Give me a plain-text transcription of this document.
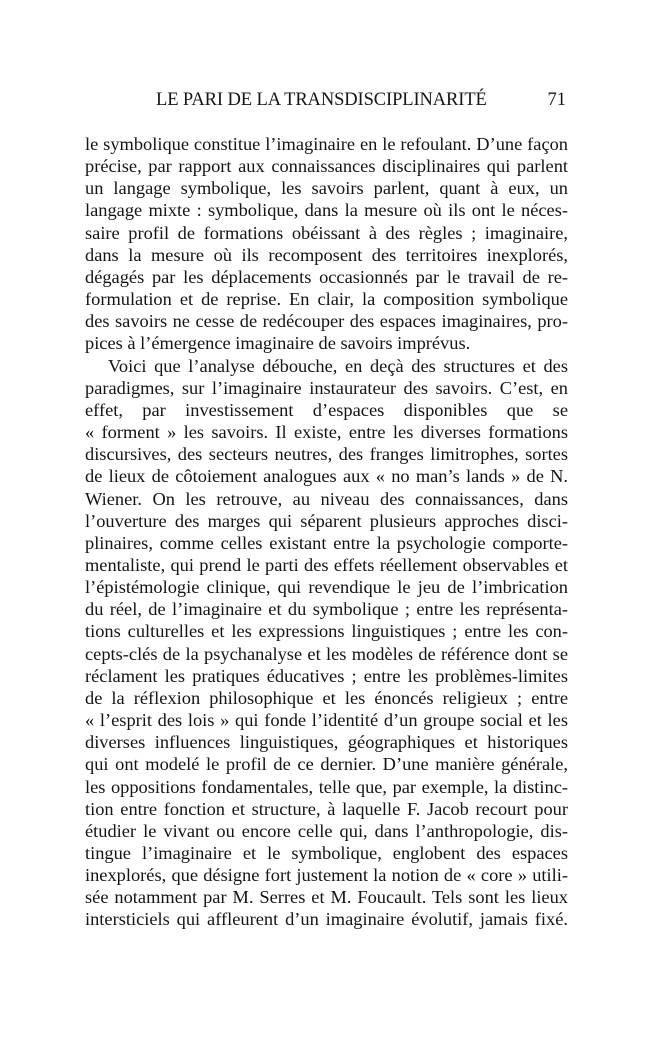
LE PARI DE LA TRANSDISCIPLINARITÉ	71
le symbolique constitue l’imaginaire en le refoulant. D’une façon
précise, par rapport aux connaissances disciplinaires qui parlent
un langage symbolique, les savoirs parlent, quant à eux, un
langage mixte : symbolique, dans la mesure où ils ont le néces-
saire profil de formations obéissant à des règles ; imaginaire,
dans la mesure où ils recomposent des territoires inexplorés,
dégagés par les déplacements occasionnés par le travail de re-
formulation et de reprise. En clair, la composition symbolique
des savoirs ne cesse de redécouper des espaces imaginaires, pro-
pices à l’émergence imaginaire de savoirs imprévus.
Voici que l’analyse débouche, en deçà des structures et des
paradigmes, sur l’imaginaire instaurateur des savoirs. C’est, en
effet, par investissement d’espaces disponibles que se
« forment » les savoirs. Il existe, entre les diverses formations
discursives, des secteurs neutres, des franges limitrophes, sortes
de lieux de côtoiement analogues aux « no man’s lands » de N.
Wiener. On les retrouve, au niveau des connaissances, dans
l’ouverture des marges qui séparent plusieurs approches disci-
plinaires, comme celles existant entre la psychologie comporte-
mentaliste, qui prend le parti des effets réellement observables et
l’épistémologie clinique, qui revendique le jeu de l’imbrication
du réel, de l’imaginaire et du symbolique ; entre les représenta-
tions culturelles et les expressions linguistiques ; entre les con-
cepts-clés de la psychanalyse et les modèles de référence dont se
réclament les pratiques éducatives ; entre les problèmes-limites
de la réflexion philosophique et les énoncés religieux ; entre
« l’esprit des lois » qui fonde l’identité d’un groupe social et les
diverses influences linguistiques, géographiques et historiques
qui ont modelé le profil de ce dernier. D’une manière générale,
les oppositions fondamentales, telle que, par exemple, la distinc-
tion entre fonction et structure, à laquelle F. Jacob recourt pour
étudier le vivant ou encore celle qui, dans l’anthropologie, dis-
tingue l’imaginaire et le symbolique, englobent des espaces
inexplorés, que désigne fort justement la notion de « core » utili-
sée notamment par M. Serres et M. Foucault. Tels sont les lieux
intersticiels qui affleurent d’un imaginaire évolutif, jamais fixé.
